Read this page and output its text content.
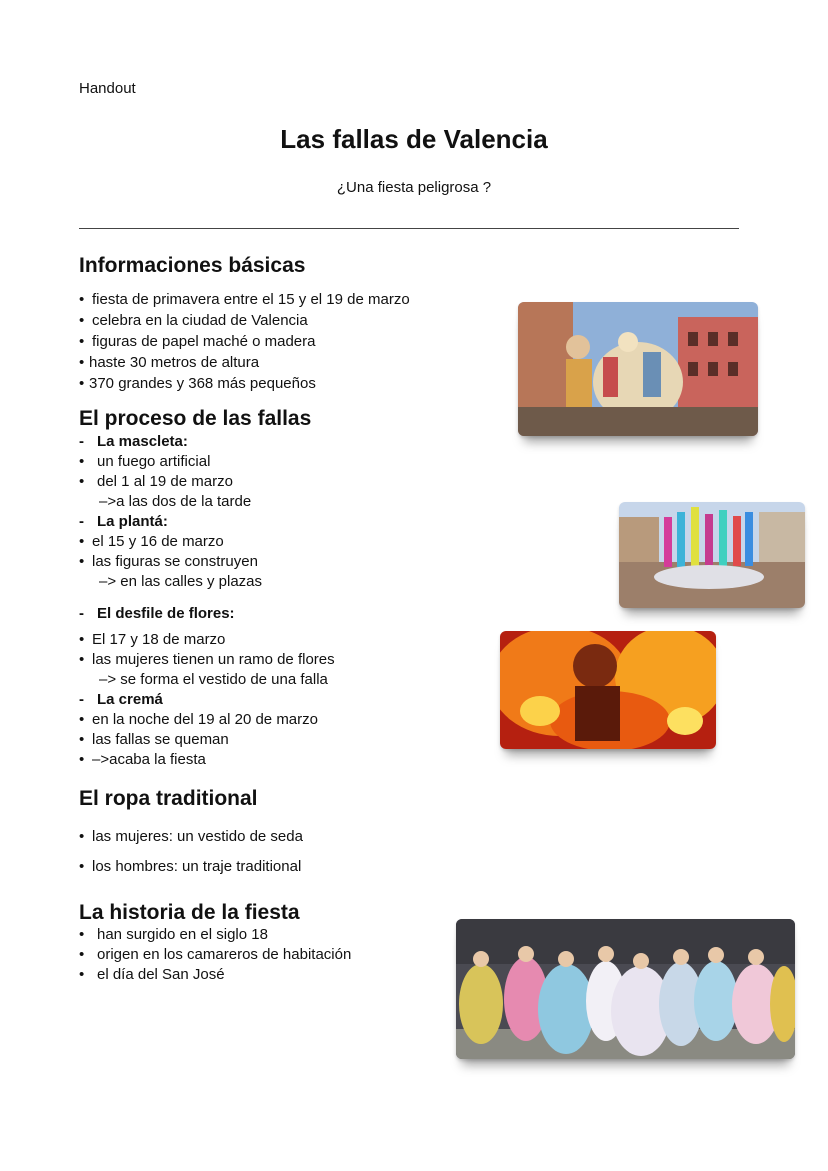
Handout
Las fallas de Valencia
¿Una fiesta peligrosa ?
Informaciones básicas
• fiesta de primavera entre el 15 y el 19 de marzo
• celebra en la ciudad de Valencia
• figuras de papel maché o madera
• haste 30 metros de altura
• 370 grandes y 368 más pequeños
El proceso de las fallas
- La mascleta:
• un fuego artificial
• del 1 al 19 de marzo
–>a las dos de la tarde
- La plantá:
• el 15 y 16 de marzo
• las figuras se construyen
–> en las calles y plazas
- El desfile de flores:
• El 17 y 18 de marzo
• las mujeres tienen un ramo de flores
–> se forma el vestido de una falla
- La cremá
• en la noche del 19 al 20 de marzo
• las fallas se queman
• –>acaba la fiesta
El ropa traditional
• las mujeres: un vestido de seda
• los hombres: un traje traditional
La historia de la fiesta
• han surgido en el siglo 18
• origen en los camareros de habitación
• el día del San José
